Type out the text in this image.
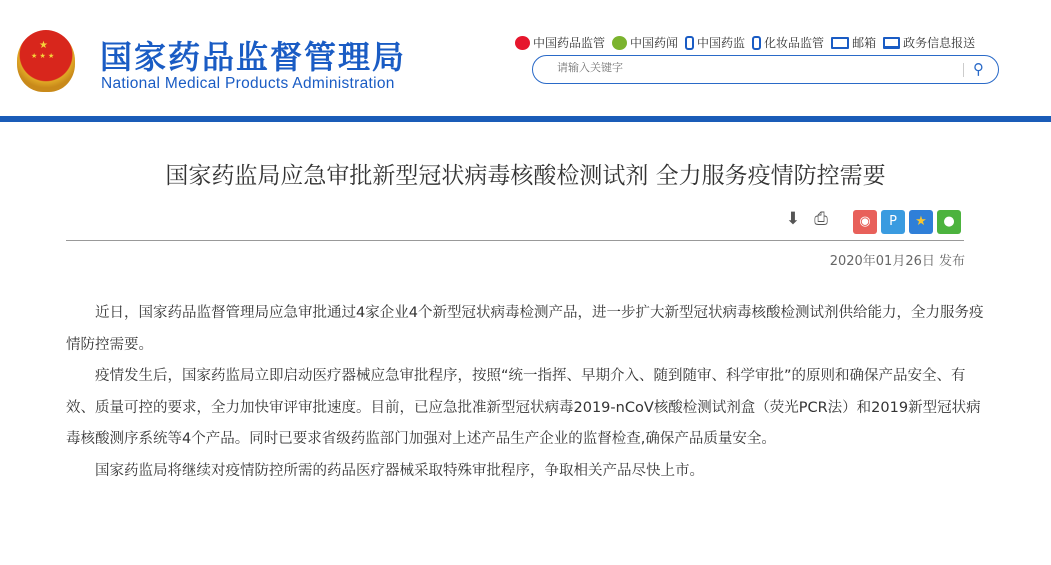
★
★ ★ ★ 国家药品监督管理局
National Medical Products Administration
中国药品监管 中国药闻 中国药监 化妆品监管 邮箱 政务信息报送
请输入关键字
⚲
国家药监局应急审批新型冠状病毒核酸检测试剂 全力服务疫情防控需要
⬇ ⎙	◉	P	★	●
2020年01月26日 发布

近日，国家药品监督管理局应急审批通过4家企业4个新型冠状病毒检测产品，进一步扩大新型冠状病毒核酸检测试剂供给能力，全力服务疫情防控需要。

疫情发生后，国家药监局立即启动医疗器械应急审批程序，按照“统一指挥、早期介入、随到随审、科学审批”的原则和确保产品安全、有效、质量可控的要求，全力加快审评审批速度。目前，已应急批准新型冠状病毒2019-nCoV核酸检测试剂盒（荧光PCR法）和2019新型冠状病毒核酸测序系统等4个产品。同时已要求省级药监部门加强对上述产品生产企业的监督检查,确保产品质量安全。

国家药监局将继续对疫情防控所需的药品医疗器械采取特殊审批程序，争取相关产品尽快上市。
